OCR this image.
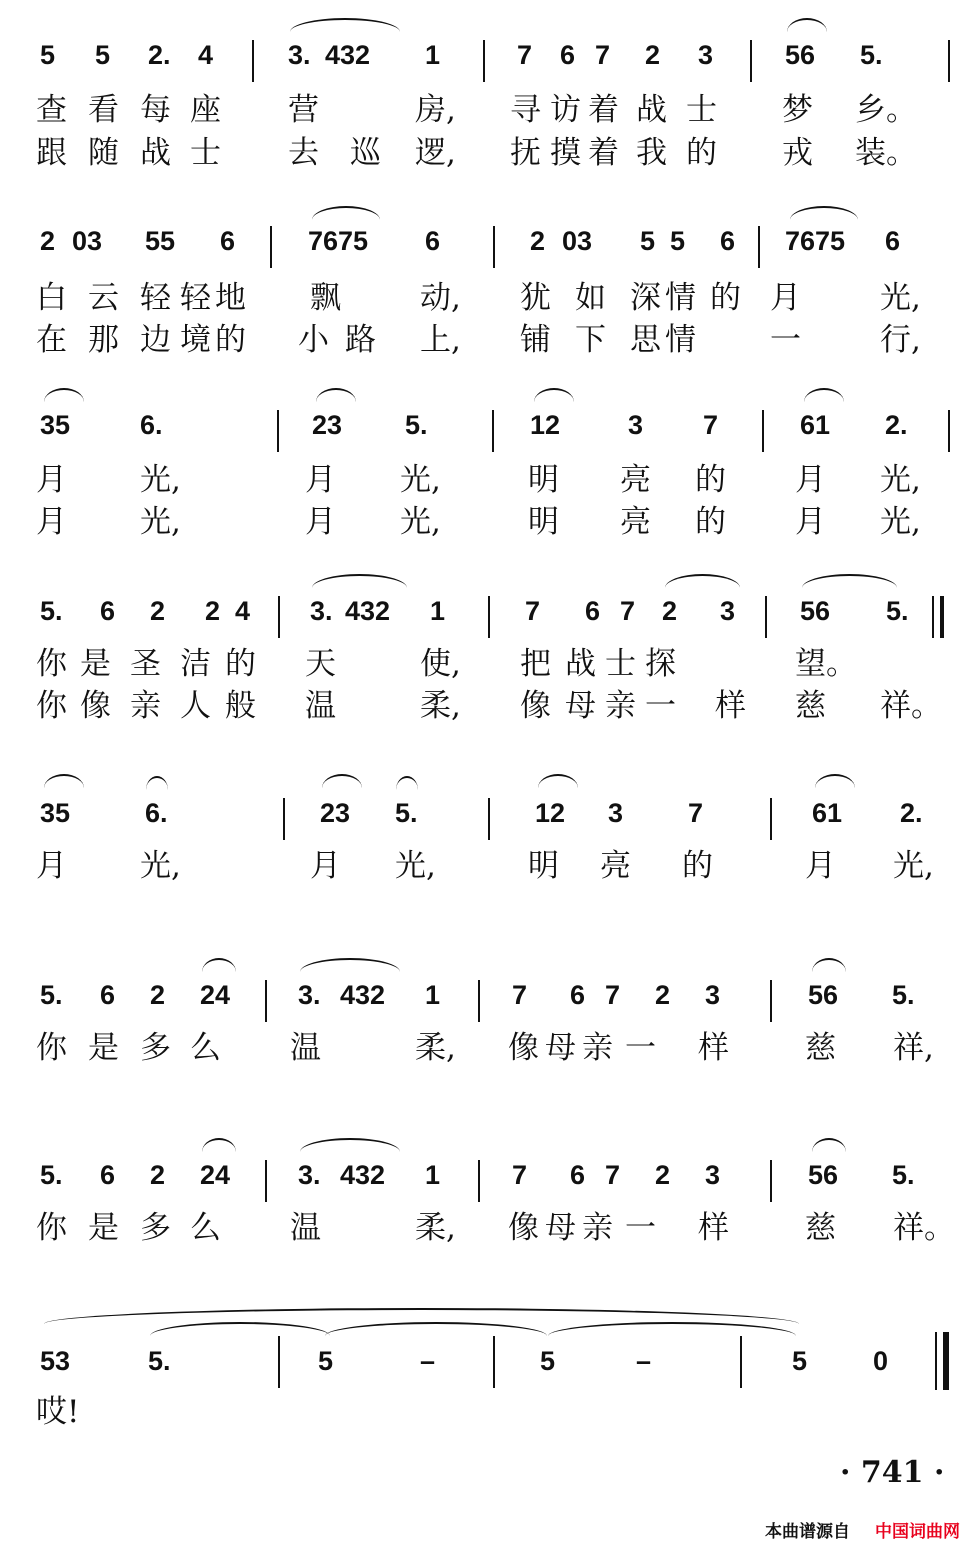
5 5 2. 4	3. 432 1	7 6 7 2 3	56 5.
查 看 每 座 营	房, 寻 访 着 战 士 梦 乡。
跟 随 战 士 去 巡 逻, 抚 摸 着 我 的 戎 装。
2 03 55 6	7675 6	2 03 5 5 6 7675 6
白 云 轻 轻 地 飘	动, 犹 如 深 情 的 月	光,
在 那 边 境 的 小 路 上, 铺 下 思 情 一	行,
35	6.	23 5.	12	3 7	61 2.
月 光,	月 光,	明 亮 的 月 光,
月 光,	月 光,	明 亮 的 月 光,
5. 6 2 2 4 3. 432 1	7 6 7 2 3 56 5.
你 是 圣 洁 的 天	使, 把 战 士 探	望。
你 像 亲 人 般 温	柔, 像 母 亲 一 样 慈 祥。
35	6.	23 5.	12 3 7	61 2.
月 光,	月 光,	明 亮 的	月 光,
5. 6 2 24	3. 432 1	7 6 7 2 3	56 5.
你 是 多 么 温	柔, 像 母 亲 一 样 慈 祥,
5. 6 2 24	3. 432 1	7 6 7 2 3	56 5.
你 是 多 么 温	柔, 像 母 亲 一 样 慈 祥。
53	5.	5	–	5	–	5 0
哎!
· 741 ·
本曲谱源自 中国词曲网
